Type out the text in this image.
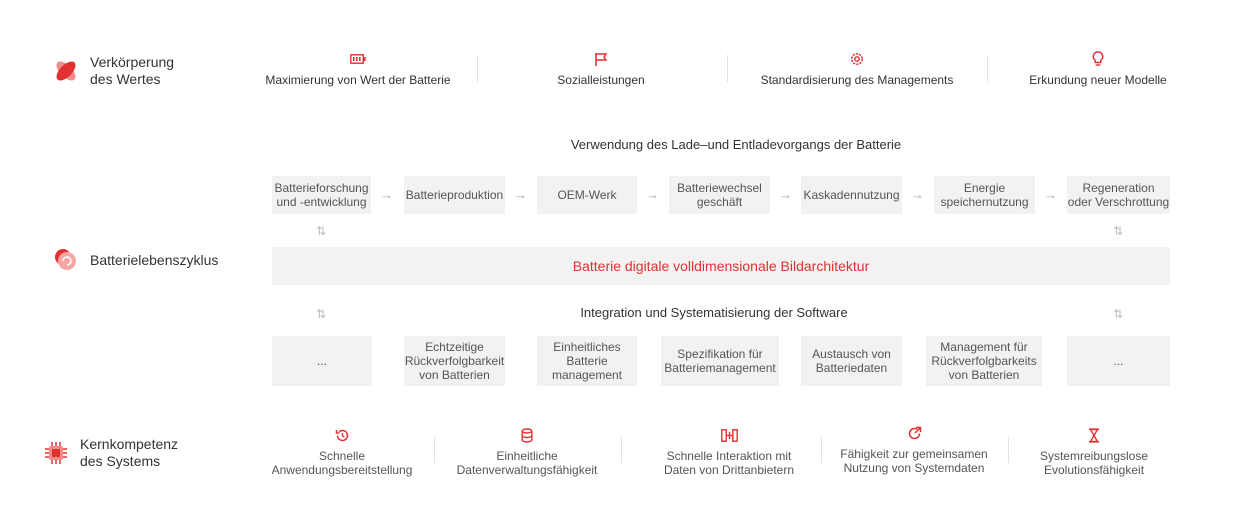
Verkörperung
des Wertes
Batterielebenszyklus
Kernkompetenz
des Systems
Maximierung von Wert der Batterie	Sozialleistungen	Standardisierung des Managements	Erkundung neuer Modelle
Verwendung des Lade–und Entladevorgangs der Batterie
Batterieforschung
und -entwicklung	→ Batterieproduktion →	OEM-Werk	→	Batteriewechsel
geschäft	→ Kaskadennutzung →	Energie
speichernutzung	→	Regeneration
oder Verschrottung
⇅	⇅
Batterie digitale volldimensionale Bildarchitektur
⇅	⇅
Integration und Systematisierung der Software
...
Echtzeitige
Rückverfolgbarkeit
von Batterien
Einheitliches
Batterie
management
Spezifikation für
Batteriemanagement
Austausch von
Batteriedaten
Management für
Rückverfolgbarkeits
von Batterien
...
Schnelle
Anwendungsbereitstellung
Einheitliche
Datenverwaltungsfähigkeit
Schnelle Interaktion mit
Daten von Drittanbietern
Fähigkeit zur gemeinsamen
Nutzung von Systemdaten
Systemreibungslose
Evolutionsfähigkeit
